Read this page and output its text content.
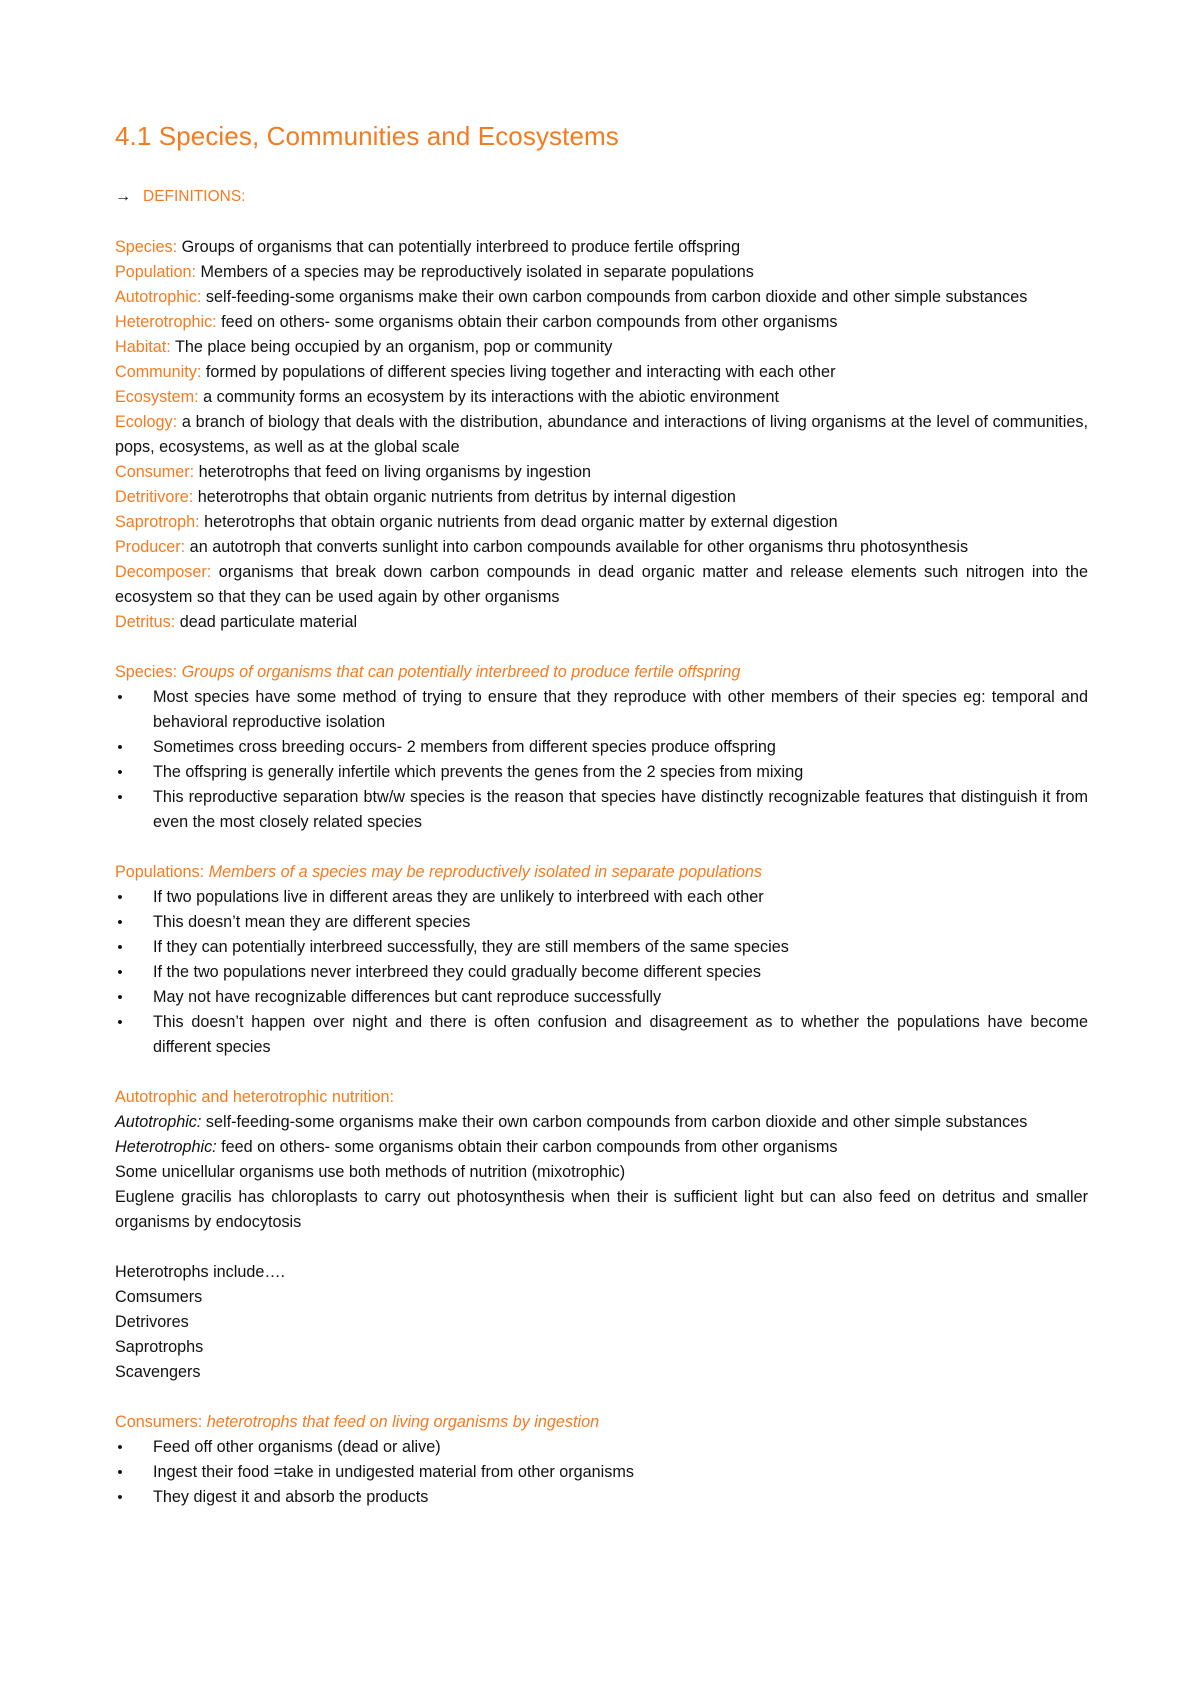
4.1 Species, Communities and Ecosystems
→ DEFINITIONS:

Species: Groups of organisms that can potentially interbreed to produce fertile offspring

Population: Members of a species may be reproductively isolated in separate populations

Autotrophic: self-feeding-some organisms make their own carbon compounds from carbon dioxide and other simple substances

Heterotrophic: feed on others- some organisms obtain their carbon compounds from other organisms

Habitat: The place being occupied by an organism, pop or community

Community: formed by populations of different species living together and interacting with each other

Ecosystem: a community forms an ecosystem by its interactions with the abiotic environment

Ecology: a branch of biology that deals with the distribution, abundance and interactions of living organisms at the level of communities, pops, ecosystems, as well as at the global scale

Consumer: heterotrophs that feed on living organisms by ingestion

Detritivore: heterotrophs that obtain organic nutrients from detritus by internal digestion

Saprotroph: heterotrophs that obtain organic nutrients from dead organic matter by external digestion

Producer: an autotroph that converts sunlight into carbon compounds available for other organisms thru photosynthesis

Decomposer: organisms that break down carbon compounds in dead organic matter and release elements such nitrogen into the ecosystem so that they can be used again by other organisms

Detritus: dead particulate material

Species: Groups of organisms that can potentially interbreed to produce fertile offspring

• Most species have some method of trying to ensure that they reproduce with other members of their species eg: temporal and behavioral reproductive isolation
• Sometimes cross breeding occurs- 2 members from different species produce offspring
• The offspring is generally infertile which prevents the genes from the 2 species from mixing
• This reproductive separation btw/w species is the reason that species have distinctly recognizable features that distinguish it from even the most closely related species

Populations: Members of a species may be reproductively isolated in separate populations

• If two populations live in different areas they are unlikely to interbreed with each other
• This doesn’t mean they are different species
• If they can potentially interbreed successfully, they are still members of the same species
• If the two populations never interbreed they could gradually become different species
• May not have recognizable differences but cant reproduce successfully
• This doesn’t happen over night and there is often confusion and disagreement as to whether the populations have become different species

Autotrophic and heterotrophic nutrition:

Autotrophic: self-feeding-some organisms make their own carbon compounds from carbon dioxide and other simple substances

Heterotrophic: feed on others- some organisms obtain their carbon compounds from other organisms

Some unicellular organisms use both methods of nutrition (mixotrophic)

Euglene gracilis has chloroplasts to carry out photosynthesis when their is sufficient light but can also feed on detritus and smaller organisms by endocytosis

Heterotrophs include….

Comsumers

Detrivores

Saprotrophs

Scavengers

Consumers: heterotrophs that feed on living organisms by ingestion

• Feed off other organisms (dead or alive)
• Ingest their food =take in undigested material from other organisms
• They digest it and absorb the products
